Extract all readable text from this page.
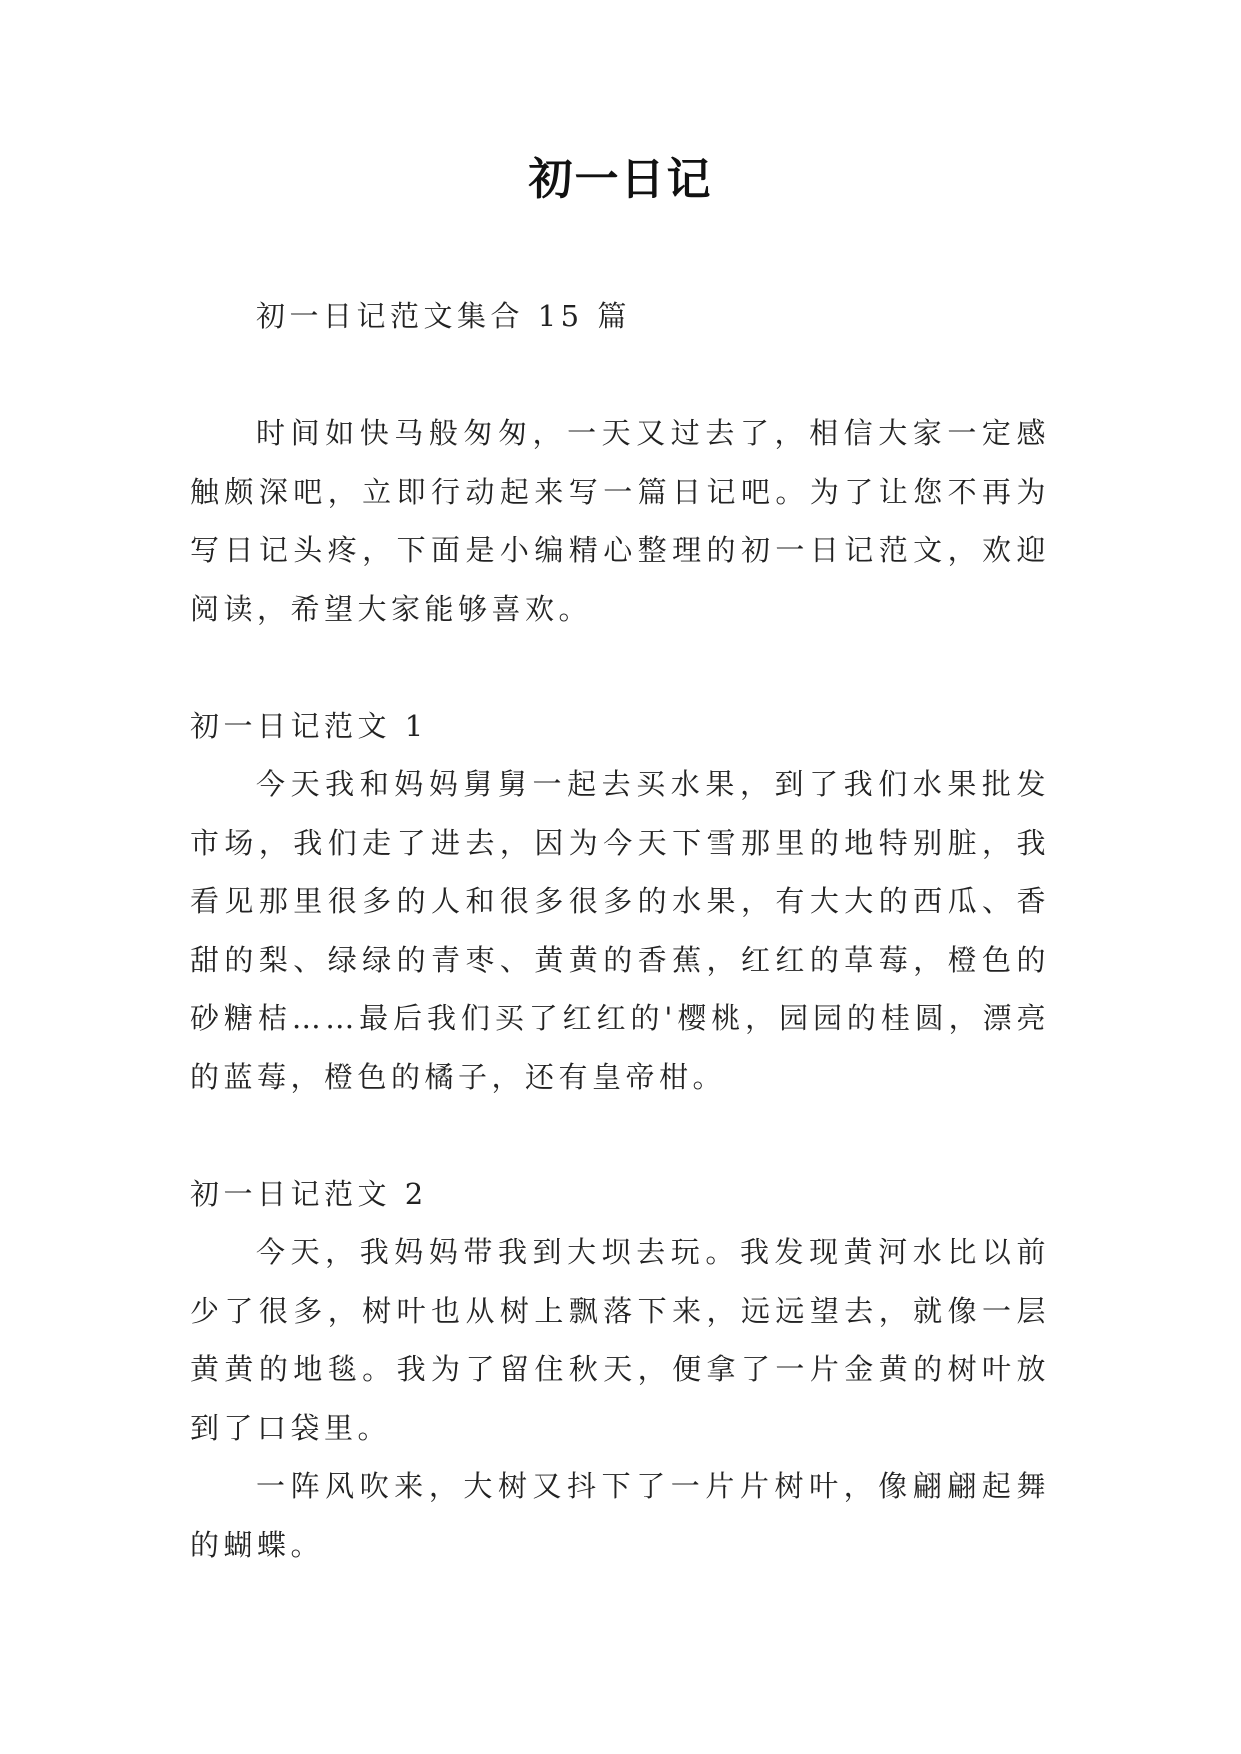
初一日记

初一日记范文集合 15 篇

时间如快马般匆匆，一天又过去了，相信大家一定感触颇深吧，立即行动起来写一篇日记吧。为了让您不再为写日记头疼，下面是小编精心整理的初一日记范文，欢迎阅读，希望大家能够喜欢。

初一日记范文 1

今天我和妈妈舅舅一起去买水果，到了我们水果批发市场，我们走了进去，因为今天下雪那里的地特别脏，我看见那里很多的人和很多很多的水果，有大大的西瓜、香甜的梨、绿绿的青枣、黄黄的香蕉，红红的草莓，橙色的砂糖桔……最后我们买了红红的'樱桃，园园的桂圆，漂亮的蓝莓，橙色的橘子，还有皇帝柑。

初一日记范文 2

今天，我妈妈带我到大坝去玩。我发现黄河水比以前少了很多，树叶也从树上飘落下来，远远望去，就像一层黄黄的地毯。我为了留住秋天，便拿了一片金黄的树叶放到了口袋里。

一阵风吹来，大树又抖下了一片片树叶，像翩翩起舞的蝴蝶。
